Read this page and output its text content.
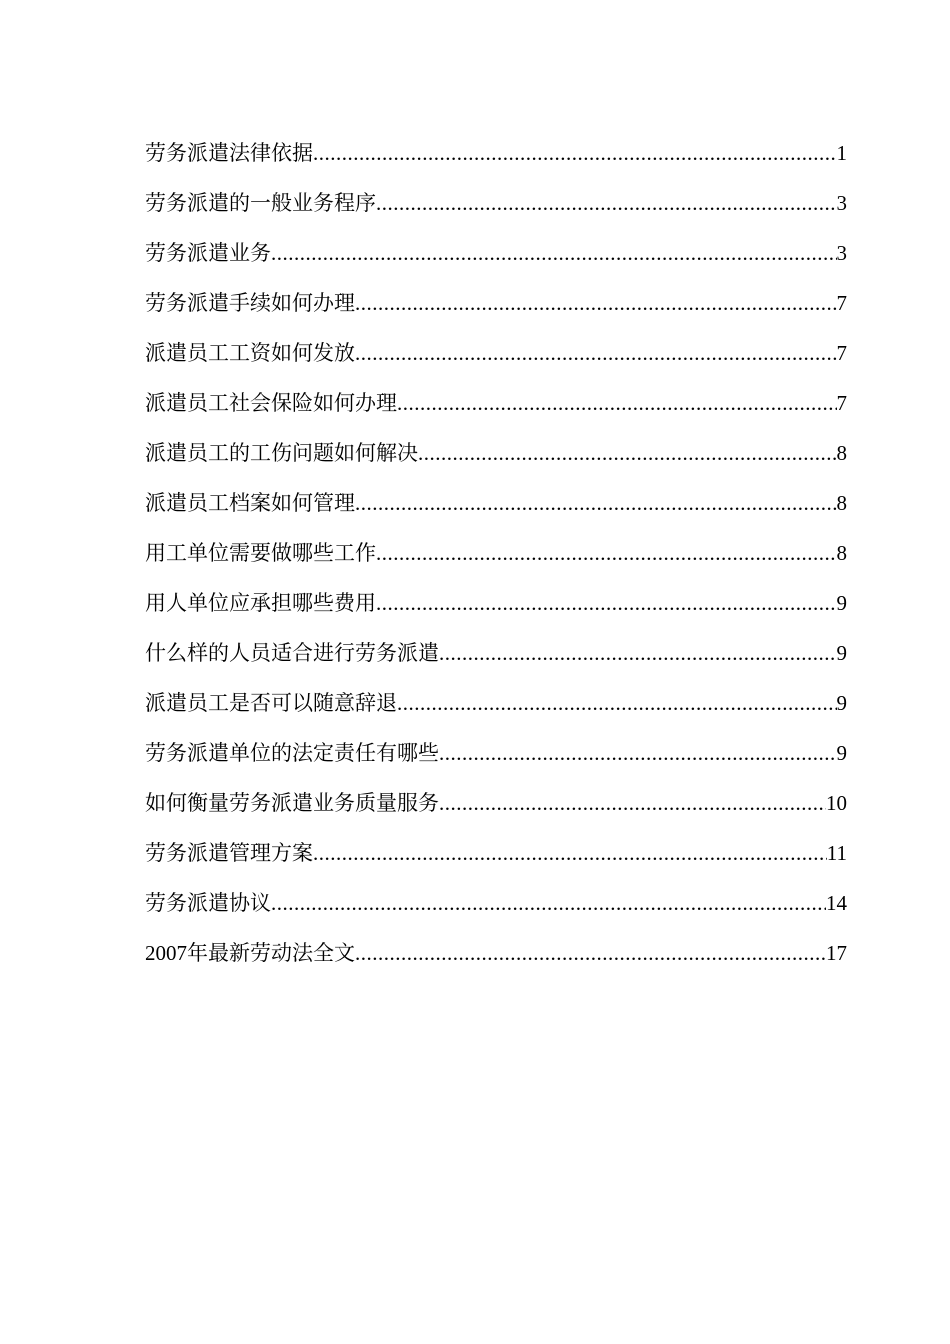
劳务派遣法律依据 .....	1
劳务派遣的一般业务程序 .....	3
劳务派遣业务 .....	3
劳务派遣手续如何办理 .....	7
派遣员工工资如何发放 .....	7
派遣员工社会保险如何办理 .....	7
派遣员工的工伤问题如何解决 .....	8
派遣员工档案如何管理 .....	8
用工单位需要做哪些工作 .....	8
用人单位应承担哪些费用 .....	9
什么样的人员适合进行劳务派遣 .....	9
派遣员工是否可以随意辞退 .....	9
劳务派遣单位的法定责任有哪些 .....	9
如何衡量劳务派遣业务质量服务 .....	10
劳务派遣管理方案 .....	11
劳务派遣协议 .....	14
2007年最新劳动法全文 .....	17
